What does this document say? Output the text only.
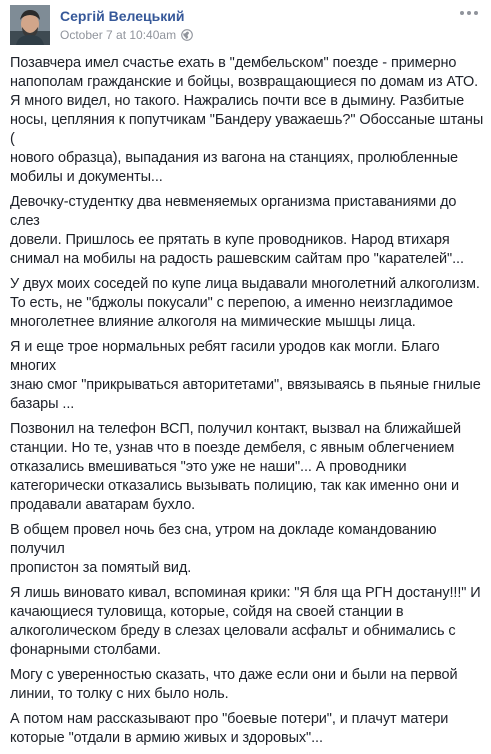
Сергій Велецький
October 7 at 10:40am

Позавчера имел счастье ехать в "дембельском" поезде - примерно
напополам гражданские и бойцы, возвращающиеся по домам из АТО.
Я много видел, но такого. Нажрались почти все в дымину. Разбитые
носы, цепляния к попутчикам "Бандеру уважаешь?" Обоссаные штаны (
нового образца), выпадания из вагона на станциях, пролюбленные
мобилы и документы...

Девочку-студентку два невменяемых организма приставаниями до слез
довели. Пришлось ее прятать в купе проводников. Народ втихаря
снимал на мобилы на радость рашевским сайтам про "карателей"...

У двух моих соседей по купе лица выдавали многолетний алкоголизм.
То есть, не "бджолы покусали" с перепою, а именно неизгладимое
многолетнее влияние алкоголя на мимические мышцы лица.

Я и еще трое нормальных ребят гасили уродов как могли. Благо многих
знаю смог "прикрываться авторитетами", ввязываясь в пьяные гнилые
базары ...

Позвонил на телефон ВСП, получил контакт, вызвал на ближайшей
станции. Но те, узнав что в поезде дембеля, с явным облегчением
отказались вмешиваться "это уже не наши"... А проводники
категорически отказались вызывать полицию, так как именно они и
продавали аватарам бухло.

В общем провел ночь без сна, утром на докладе командованию получил
пропистон за помятый вид.

Я лишь виновато кивал, вспоминая крики: "Я бля ща РГН достану!!!" И
качающиеся туловища, которые, сойдя на своей станции в
алкоголическом бреду в слезах целовали асфальт и обнимались с
фонарными столбами.

Могу с уверенностью сказать, что даже если они и были на первой
линии, то толку с них было ноль.

А потом нам рассказывают про "боевые потери", и плачут матери
которые "отдали в армию живых и здоровых"...
